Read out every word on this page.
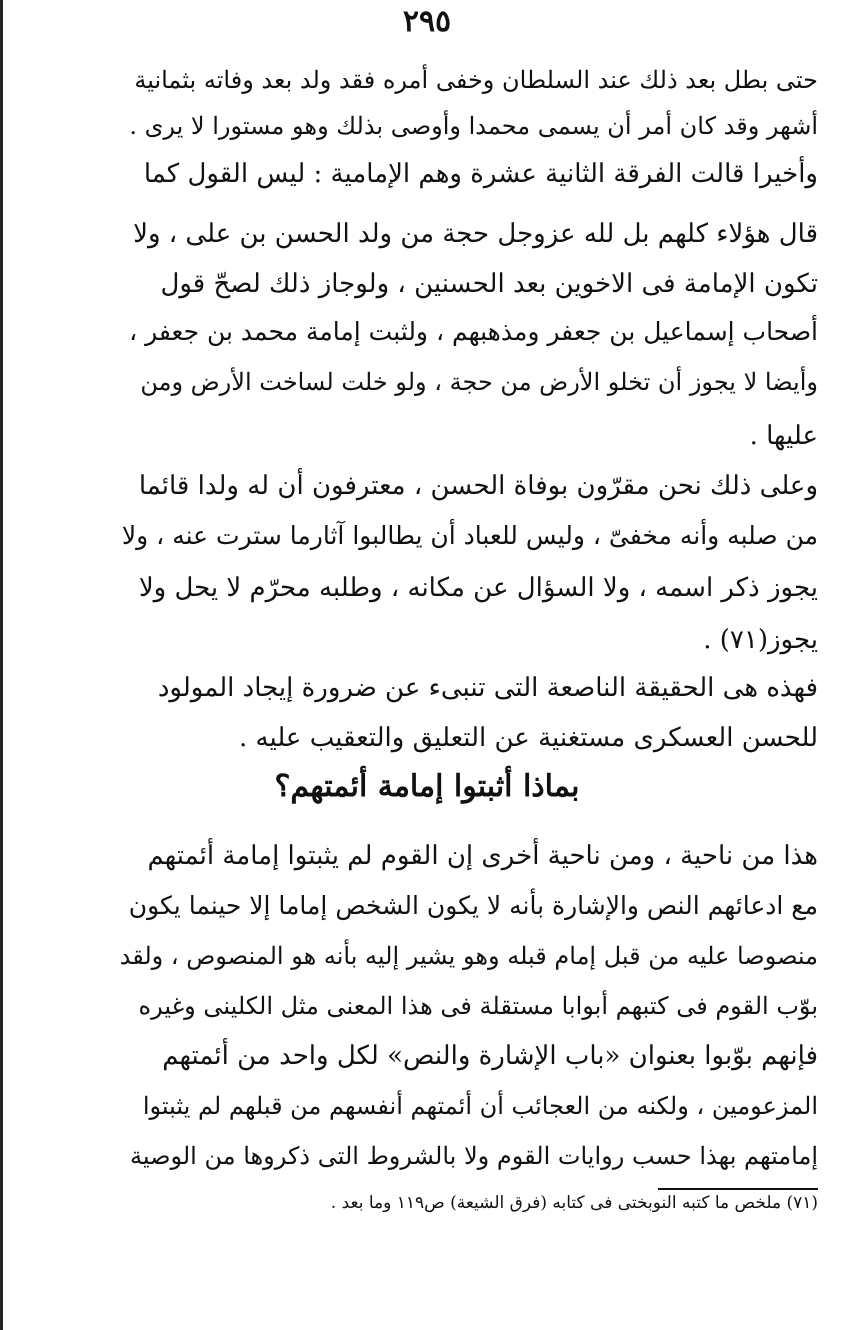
٢٩٥
حتى بطل بعد ذلك عند السلطان وخفى أمره فقد ولد بعد وفاته بثمانية
أشهر وقد كان أمر أن يسمى محمدا وأوصى بذلك وهو مستورا لا يرى .
وأخيرا قالت الفرقة الثانية عشرة وهم الإمامية : ليس القول كما
قال هؤلاء كلهم بل لله عزوجل حجة من ولد الحسن بن على ، ولا
تكون الإمامة فى الاخوين بعد الحسنين ، ولوجاز ذلك لصحّ قول
أصحاب إسماعيل بن جعفر ومذهبهم ، ولثبت إمامة محمد بن جعفر ،
وأيضا لا يجوز أن تخلو الأرض من حجة ، ولو خلت لساخت الأرض ومن
عليها .
وعلى ذلك نحن مقرّون بوفاة الحسن ، معترفون أن له ولدا قائما
من صلبه وأنه مخفىّ ، وليس للعباد أن يطالبوا آثارما سترت عنه ، ولا
يجوز ذكر اسمه ، ولا السؤال عن مكانه ، وطلبه محرّم لا يحل ولا
يجوز(٧١) .
فهذه هى الحقيقة الناصعة التى تنبىء عن ضرورة إيجاد المولود
للحسن العسكرى مستغنية عن التعليق والتعقيب عليه .
بماذا أثبتوا إمامة أئمتهم؟
هذا من ناحية ، ومن ناحية أخرى إن القوم لم يثبتوا إمامة أئمتهم
مع ادعائهم النص والإشارة بأنه لا يكون الشخص إماما إلا حينما يكون
منصوصا عليه من قبل إمام قبله وهو يشير إليه بأنه هو المنصوص ، ولقد
بوّب القوم فى كتبهم أبوابا مستقلة فى هذا المعنى مثل الكلينى وغيره
فإنهم بوّبوا بعنوان «باب الإشارة والنص» لكل واحد من أئمتهم
المزعومين ، ولكنه من العجائب أن أئمتهم أنفسهم من قبلهم لم يثبتوا
إمامتهم بهذا حسب روايات القوم ولا بالشروط التى ذكروها من الوصية
(٧١) ملخص ما كتبه النوبختى فى كتابه (فرق الشيعة) ص١١٩ وما بعد .
